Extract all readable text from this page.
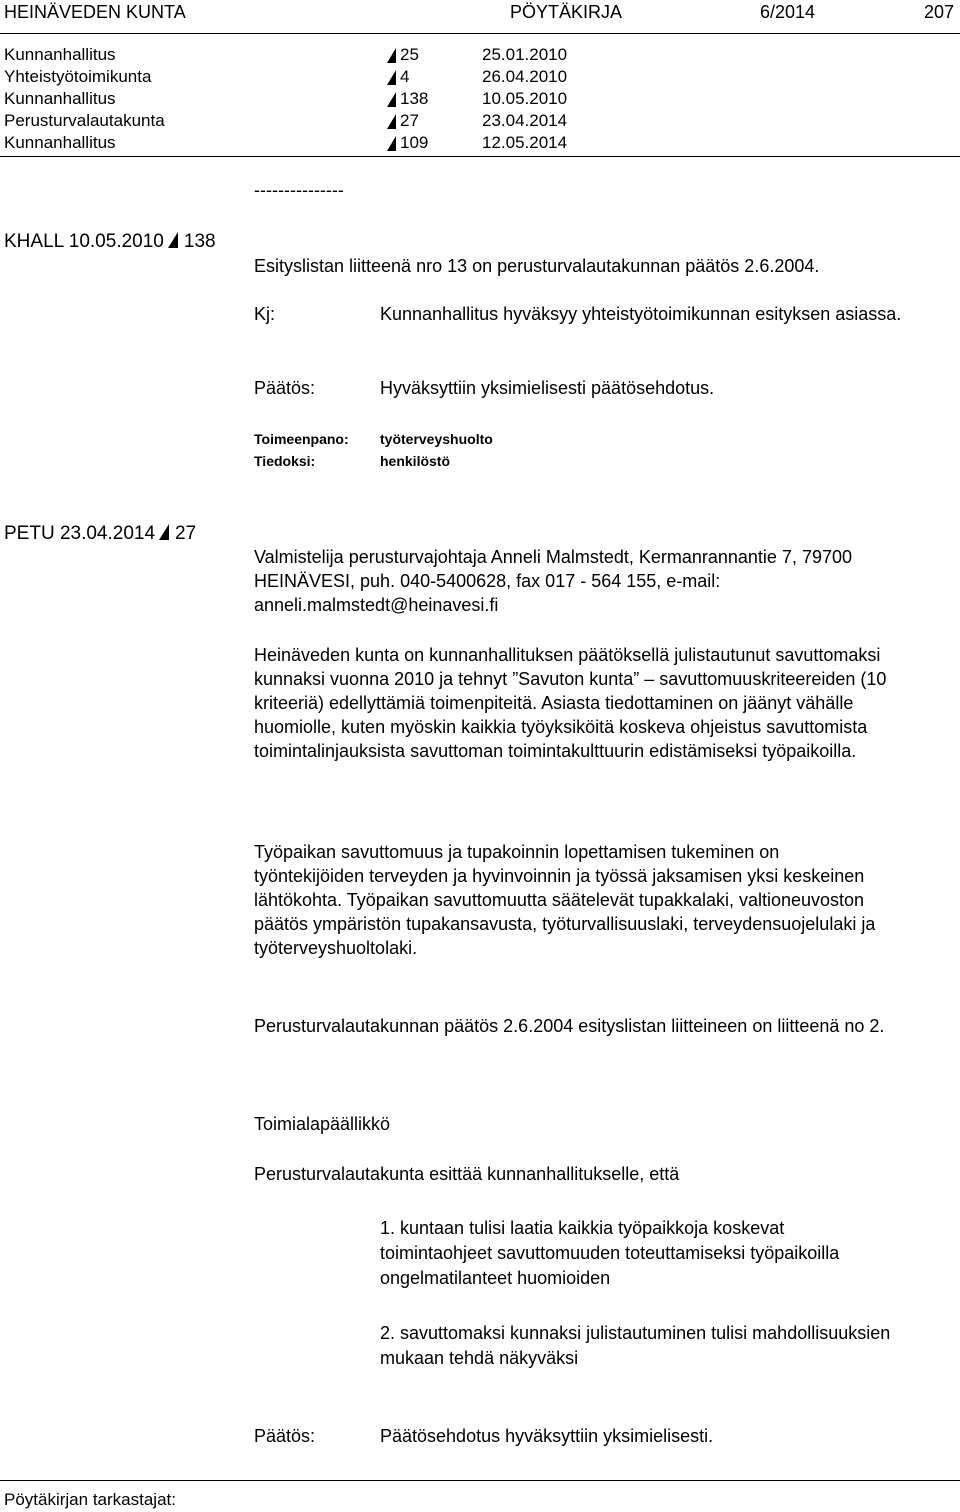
HEINÄVEDEN KUNTA	PÖYTÄKIRJA	6/2014	207
Kunnanhallitus	25	25.01.2010
Yhteistyötoimikunta	4	26.04.2010
Kunnanhallitus	138	10.05.2010
Perusturvalautakunta	27	23.04.2014
Kunnanhallitus	109	12.05.2014
---------------
KHALL 10.05.2010 138
Esityslistan liitteenä nro 13 on perusturvalautakunnan päätös 2.6.2004.
Kj:	Kunnanhallitus hyväksyy yhteistyötoimikunnan esityksen asiassa.
Päätös:	Hyväksyttiin yksimielisesti päätösehdotus.
Toimeenpano: työterveyshuolto
Tiedoksi:	henkilöstö
PETU 23.04.2014 27
Valmistelija perusturvajohtaja Anneli Malmstedt, Kermanrannantie 7, 79700 HEINÄVESI, puh. 040-5400628, fax 017 - 564 155, e-mail: anneli.malmstedt@heinavesi.fi
Heinäveden kunta on kunnanhallituksen päätöksellä julistautunut savuttomaksi kunnaksi vuonna 2010 ja tehnyt ”Savuton kunta” – savuttomuuskriteereiden (10 kriteeriä) edellyttämiä toimenpiteitä. Asiasta tiedottaminen on jäänyt vähälle huomiolle, kuten myöskin kaikkia työyksiköitä koskeva ohjeistus savuttomista toimintalinjauksista savuttoman toimintakulttuurin edistämiseksi työpaikoilla.
Työpaikan savuttomuus ja tupakoinnin lopettamisen tukeminen on työntekijöiden terveyden ja hyvinvoinnin ja työssä jaksamisen yksi keskeinen lähtökohta. Työpaikan savuttomuutta säätelevät tupakkalaki, valtioneuvoston päätös ympäristön tupakansavusta, työturvallisuuslaki, terveydensuojelulaki ja työterveyshuoltolaki.
Perusturvalautakunnan päätös 2.6.2004 esityslistan liitteineen on liitteenä no 2.
Toimialapäällikkö
Perusturvalautakunta esittää kunnanhallitukselle, että
1. kuntaan tulisi laatia kaikkia työpaikkoja koskevat toimintaohjeet savuttomuuden toteuttamiseksi työpaikoilla ongelmatilanteet huomioiden
2. savuttomaksi kunnaksi julistautuminen tulisi mahdollisuuksien mukaan tehdä näkyväksi
Päätös:	Päätösehdotus hyväksyttiin yksimielisesti.
Pöytäkirjan tarkastajat:
